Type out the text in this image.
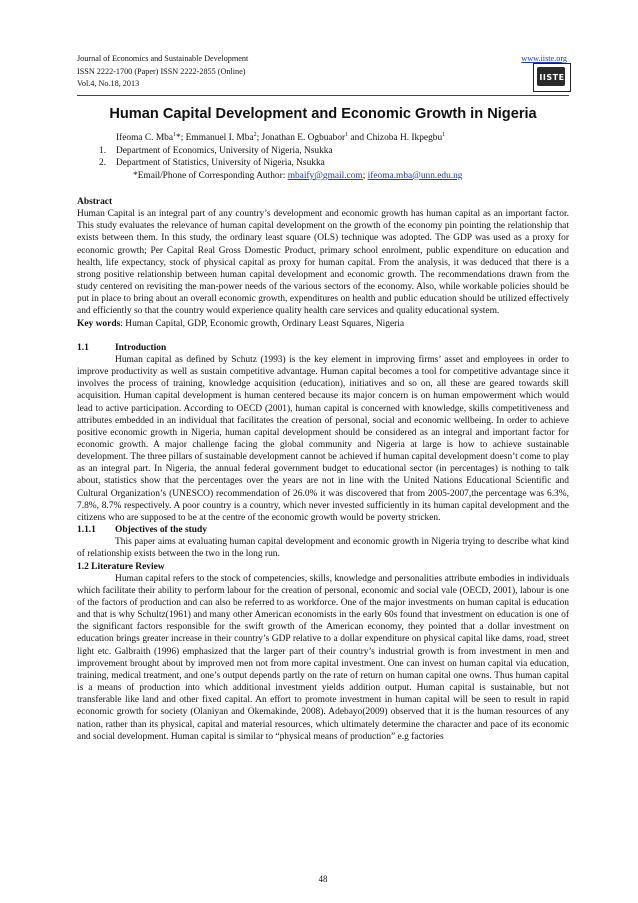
Journal of Economics and Sustainable Development
ISSN 2222-1700 (Paper) ISSN 2222-2855 (Online)
Vol.4, No.18, 2013
www.iiste.org
IISTE
Human Capital Development and Economic Growth in Nigeria
Ifeoma C. Mba$^1$*; Emmanuel I. Mba$^2$; Jonathan E. Ogbuabor$^1$ and Chizoba H. Ikpegbu$^1$
1. Department of Economics, University of Nigeria, Nsukka
2. Department of Statistics, University of Nigeria, Nsukka
*Email/Phone of Corresponding Author: mbaify@gmail.com; ifeoma.mba@unn.edu.ng
Abstract

Human Capital is an integral part of any country’s development and economic growth has human capital as an important factor. This study evaluates the relevance of human capital development on the growth of the economy pin pointing the relationship that exists between them. In this study, the ordinary least square (OLS) technique was adopted. The GDP was used as a proxy for economic growth; Per Capital Real Gross Domestic Product, primary school enrolment, public expenditure on education and health, life expectancy, stock of physical capital as proxy for human capital. From the analysis, it was deduced that there is a strong positive relationship between human capital development and economic growth. The recommendations drawn from the study centered on revisiting the man-power needs of the various sectors of the economy. Also, while workable policies should be put in place to bring about an overall economic growth, expenditures on health and public education should be utilized effectively and efficiently so that the country would experience quality health care services and quality educational system.

Key words: Human Capital, GDP, Economic growth, Ordinary Least Squares, Nigeria

1.1	Introduction

Human capital as defined by Schutz (1993) is the key element in improving firms’ asset and employees in order to improve productivity as well as sustain competitive advantage. Human capital becomes a tool for competitive advantage since it involves the process of training, knowledge acquisition (education), initiatives and so on, all these are geared towards skill acquisition. Human capital development is human centered because its major concern is on human empowerment which would lead to active participation. According to OECD (2001), human capital is concerned with knowledge, skills competitiveness and attributes embedded in an individual that facilitates the creation of personal, social and economic wellbeing. In order to achieve positive economic growth in Nigeria, human capital development should be considered as an integral and important factor for economic growth. A major challenge facing the global community and Nigeria at large is how to achieve sustainable development. The three pillars of sustainable development cannot be achieved if human capital development doesn’t come to play as an integral part. In Nigeria, the annual federal government budget to educational sector (in percentages) is nothing to talk about, statistics show that the percentages over the years are not in line with the United Nations Educational Scientific and Cultural Organization’s (UNESCO) recommendation of 26.0% it was discovered that from 2005-2007,the percentage was 6.3%, 7.8%, 8.7% respectively. A poor country is a country, which never invested sufficiently in its human capital development and the citizens who are supposed to be at the centre of the economic growth would be poverty stricken.

1.1.1 Objectives of the study

This paper aims at evaluating human capital development and economic growth in Nigeria trying to describe what kind of relationship exists between the two in the long run.

1.2 Literature Review

Human capital refers to the stock of competencies, skills, knowledge and personalities attribute embodies in individuals which facilitate their ability to perform labour for the creation of personal, economic and social vale (OECD, 2001), labour is one of the factors of production and can also be referred to as workforce. One of the major investments on human capital is education and that is why Schultz(1961) and many other American economists in the early 60s found that investment on education is one of the significant factors responsible for the swift growth of the American economy, they pointed that a dollar investment on education brings greater increase in their country’s GDP relative to a dollar expenditure on physical capital like dams, road, street light etc. Galbraith (1996) emphasized that the larger part of their country’s industrial growth is from investment in men and improvement brought about by improved men not from more capital investment. One can invest on human capital via education, training, medical treatment, and one’s output depends partly on the rate of return on human capital one owns. Thus human capital is a means of production into which additional investment yields addition output. Human capital is sustainable, but not transferable like land and other fixed capital. An effort to promote investment in human capital will be seen to result in rapid economic growth for society (Olaniyan and Okemakinde, 2008). Adebayo(2009) observed that it is the human resources of any nation, rather than its physical, capital and material resources, which ultimately determine the character and pace of its economic and social development. Human capital is similar to “physical means of production” e.g factories

48
